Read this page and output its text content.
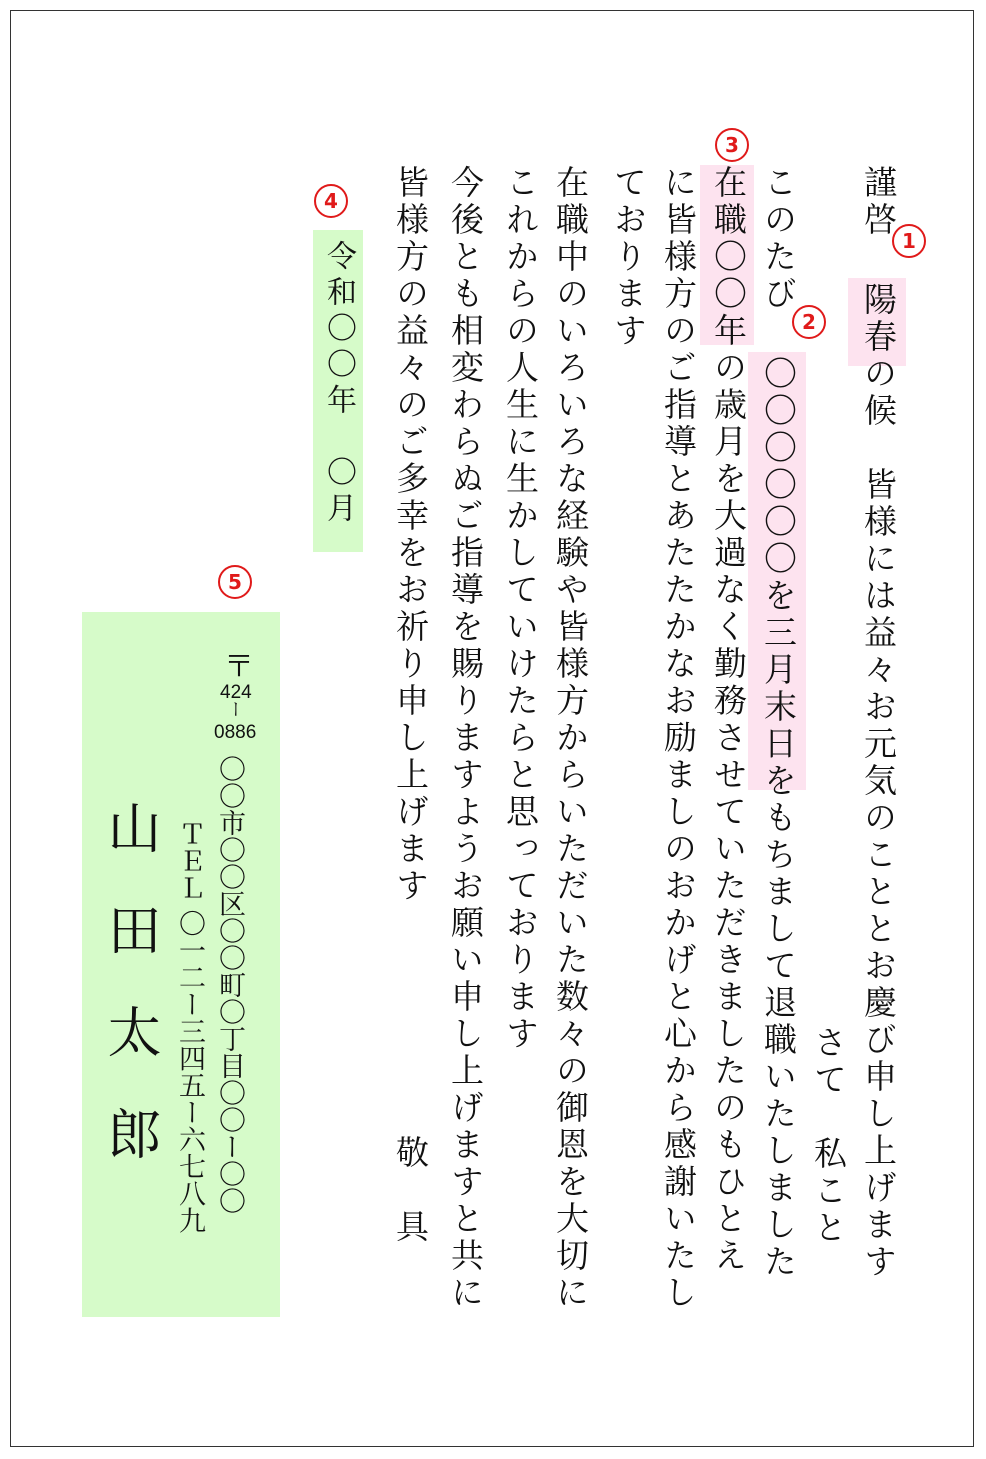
1
2
3
4
5
謹啓
陽春の候　皆様には益々お元気のこととお慶び申し上げます
さて　私こと
〇〇〇〇〇〇を三月末日をもちまして退職いたしました
このたび
在職〇〇年の歳月を大過なく勤務させていただきましたのもひとえ
に皆様方のご指導とあたたかなお励ましのおかげと心から感謝いたし
ております
在職中のいろいろな経験や皆様方からいただいた数々の御恩を大切に
これからの人生に生かしていけたらと思っております
今後とも相変わらぬご指導を賜りますようお願い申し上げますと共に
皆様方の益々のご多幸をお祈り申し上げます
敬　具
令和〇〇年　〇月
〒
424
ー
0886
〇〇市〇〇区〇〇町〇丁目〇〇ー〇〇
ＴＥＬ 〇一二ー三四五ー六七八九
山田太郎
